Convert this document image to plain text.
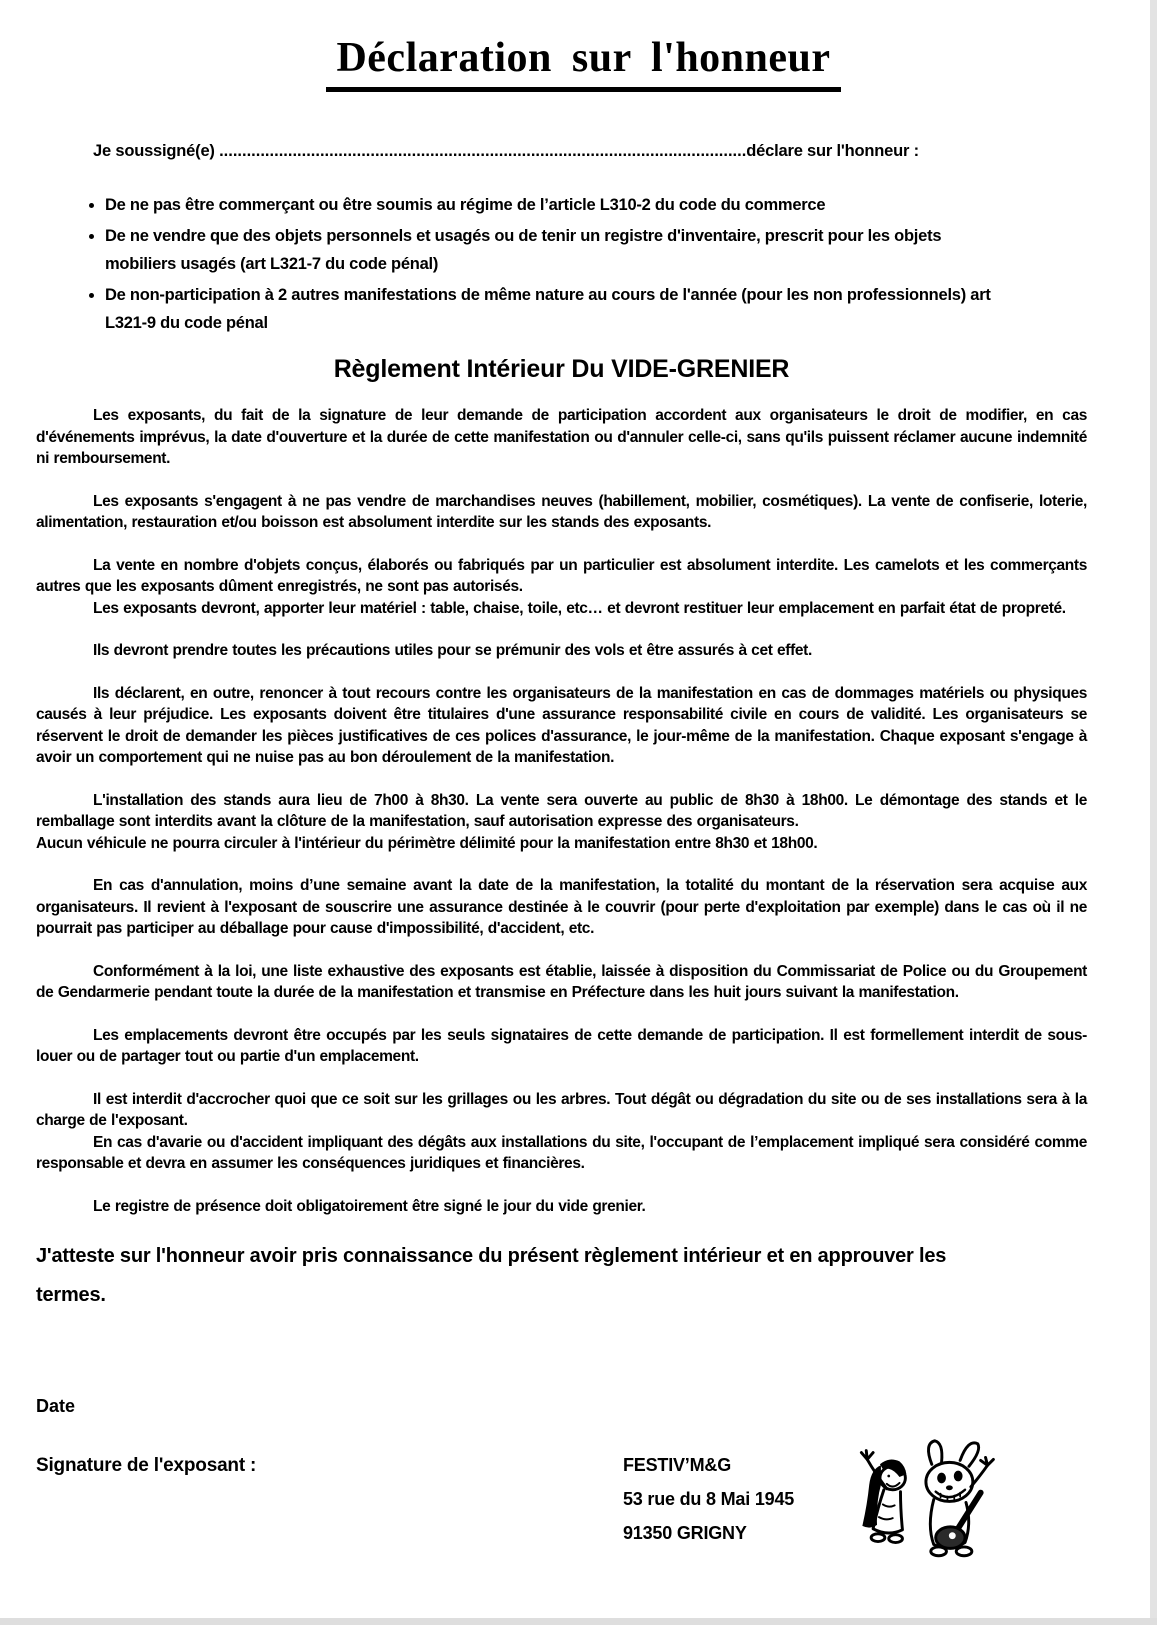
Déclaration sur l'honneur
Je soussigné(e) ...................................................................................................................déclare sur l'honneur :
• De ne pas être commerçant ou être soumis au régime de l’article L310-2 du code du commerce
• De ne vendre que des objets personnels et usagés ou de tenir un registre d'inventaire, prescrit pour les objets mobiliers usagés (art L321-7 du code pénal)
• De non-participation à 2 autres manifestations de même nature au cours de l'année (pour les non professionnels) art L321-9 du code pénal
Règlement Intérieur Du VIDE-GRENIER

Les exposants, du fait de la signature de leur demande de participation accordent aux organisateurs le droit de modifier, en cas d'événements imprévus, la date d'ouverture et la durée de cette manifestation ou d'annuler celle-ci, sans qu'ils puissent réclamer aucune indemnité ni remboursement.

Les exposants s'engagent à ne pas vendre de marchandises neuves (habillement, mobilier, cosmétiques). La vente de confiserie, loterie, alimentation, restauration et/ou boisson est absolument interdite sur les stands des exposants.

La vente en nombre d'objets conçus, élaborés ou fabriqués par un particulier est absolument interdite. Les camelots et les commerçants autres que les exposants dûment enregistrés, ne sont pas autorisés.

Les exposants devront, apporter leur matériel : table, chaise, toile, etc… et devront restituer leur emplacement en parfait état de propreté.

Ils devront prendre toutes les précautions utiles pour se prémunir des vols et être assurés à cet effet.

Ils déclarent, en outre, renoncer à tout recours contre les organisateurs de la manifestation en cas de dommages matériels ou physiques causés à leur préjudice. Les exposants doivent être titulaires d'une assurance responsabilité civile en cours de validité. Les organisateurs se réservent le droit de demander les pièces justificatives de ces polices d'assurance, le jour-même de la manifestation. Chaque exposant s'engage à avoir un comportement qui ne nuise pas au bon déroulement de la manifestation.

L'installation des stands aura lieu de 7h00 à 8h30. La vente sera ouverte au public de 8h30 à 18h00. Le démontage des stands et le remballage sont interdits avant la clôture de la manifestation, sauf autorisation expresse des organisateurs.

Aucun véhicule ne pourra circuler à l'intérieur du périmètre délimité pour la manifestation entre 8h30 et 18h00.

En cas d'annulation, moins d’une semaine avant la date de la manifestation, la totalité du montant de la réservation sera acquise aux organisateurs. Il revient à l'exposant de souscrire une assurance destinée à le couvrir (pour perte d'exploitation par exemple) dans le cas où il ne pourrait pas participer au déballage pour cause d'impossibilité, d'accident, etc.

Conformément à la loi, une liste exhaustive des exposants est établie, laissée à disposition du Commissariat de Police ou du Groupement de Gendarmerie pendant toute la durée de la manifestation et transmise en Préfecture dans les huit jours suivant la manifestation.

Les emplacements devront être occupés par les seuls signataires de cette demande de participation. Il est formellement interdit de sous-louer ou de partager tout ou partie d'un emplacement.

Il est interdit d'accrocher quoi que ce soit sur les grillages ou les arbres. Tout dégât ou dégradation du site ou de ses installations sera à la charge de l'exposant.

En cas d'avarie ou d'accident impliquant des dégâts aux installations du site, l'occupant de l’emplacement impliqué sera considéré comme responsable et devra en assumer les conséquences juridiques et financières.

Le registre de présence doit obligatoirement être signé le jour du vide grenier.

J'atteste sur l'honneur avoir pris connaissance du présent règlement intérieur et en approuver les termes.
Date
Signature de l'exposant :	FESTIV’M&G
53 rue du 8 Mai 1945
91350 GRIGNY
